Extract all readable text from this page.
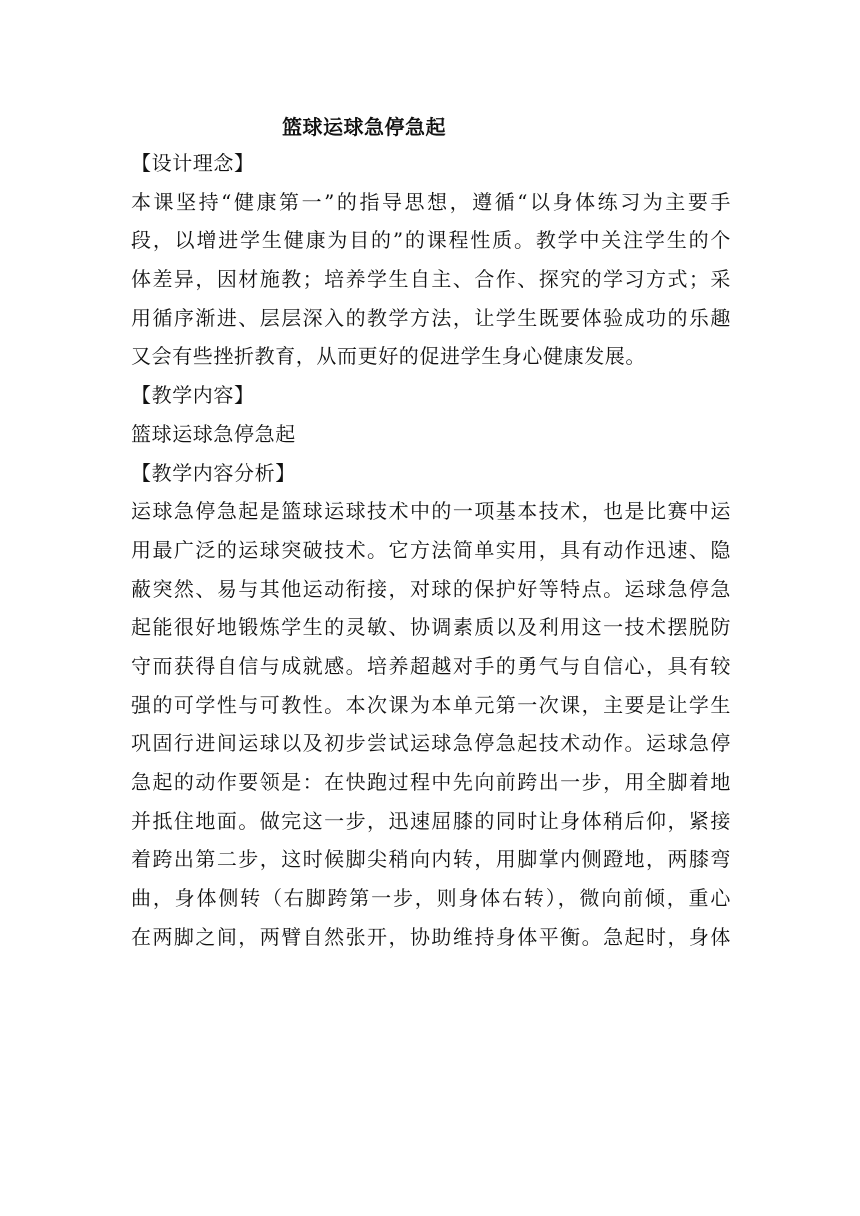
篮球运球急停急起
【设计理念】
本课坚持“健康第一”的指导思想，遵循“以身体练习为主要手
段，以增进学生健康为目的”的课程性质。教学中关注学生的个
体差异，因材施教；培养学生自主、合作、探究的学习方式；采
用循序渐进、层层深入的教学方法，让学生既要体验成功的乐趣
又会有些挫折教育，从而更好的促进学生身心健康发展。
【教学内容】
篮球运球急停急起
【教学内容分析】
运球急停急起是篮球运球技术中的一项基本技术，也是比赛中运
用最广泛的运球突破技术。它方法简单实用，具有动作迅速、隐
蔽突然、易与其他运动衔接，对球的保护好等特点。运球急停急
起能很好地锻炼学生的灵敏、协调素质以及利用这一技术摆脱防
守而获得自信与成就感。培养超越对手的勇气与自信心，具有较
强的可学性与可教性。本次课为本单元第一次课，主要是让学生
巩固行进间运球以及初步尝试运球急停急起技术动作。运球急停
急起的动作要领是：在快跑过程中先向前跨出一步，用全脚着地
并抵住地面。做完这一步，迅速屈膝的同时让身体稍后仰，紧接
着跨出第二步，这时候脚尖稍向内转，用脚掌内侧蹬地，两膝弯
曲，身体侧转（右脚跨第一步，则身体右转），微向前倾，重心
在两脚之间，两臂自然张开，协助维持身体平衡。急起时，身体
